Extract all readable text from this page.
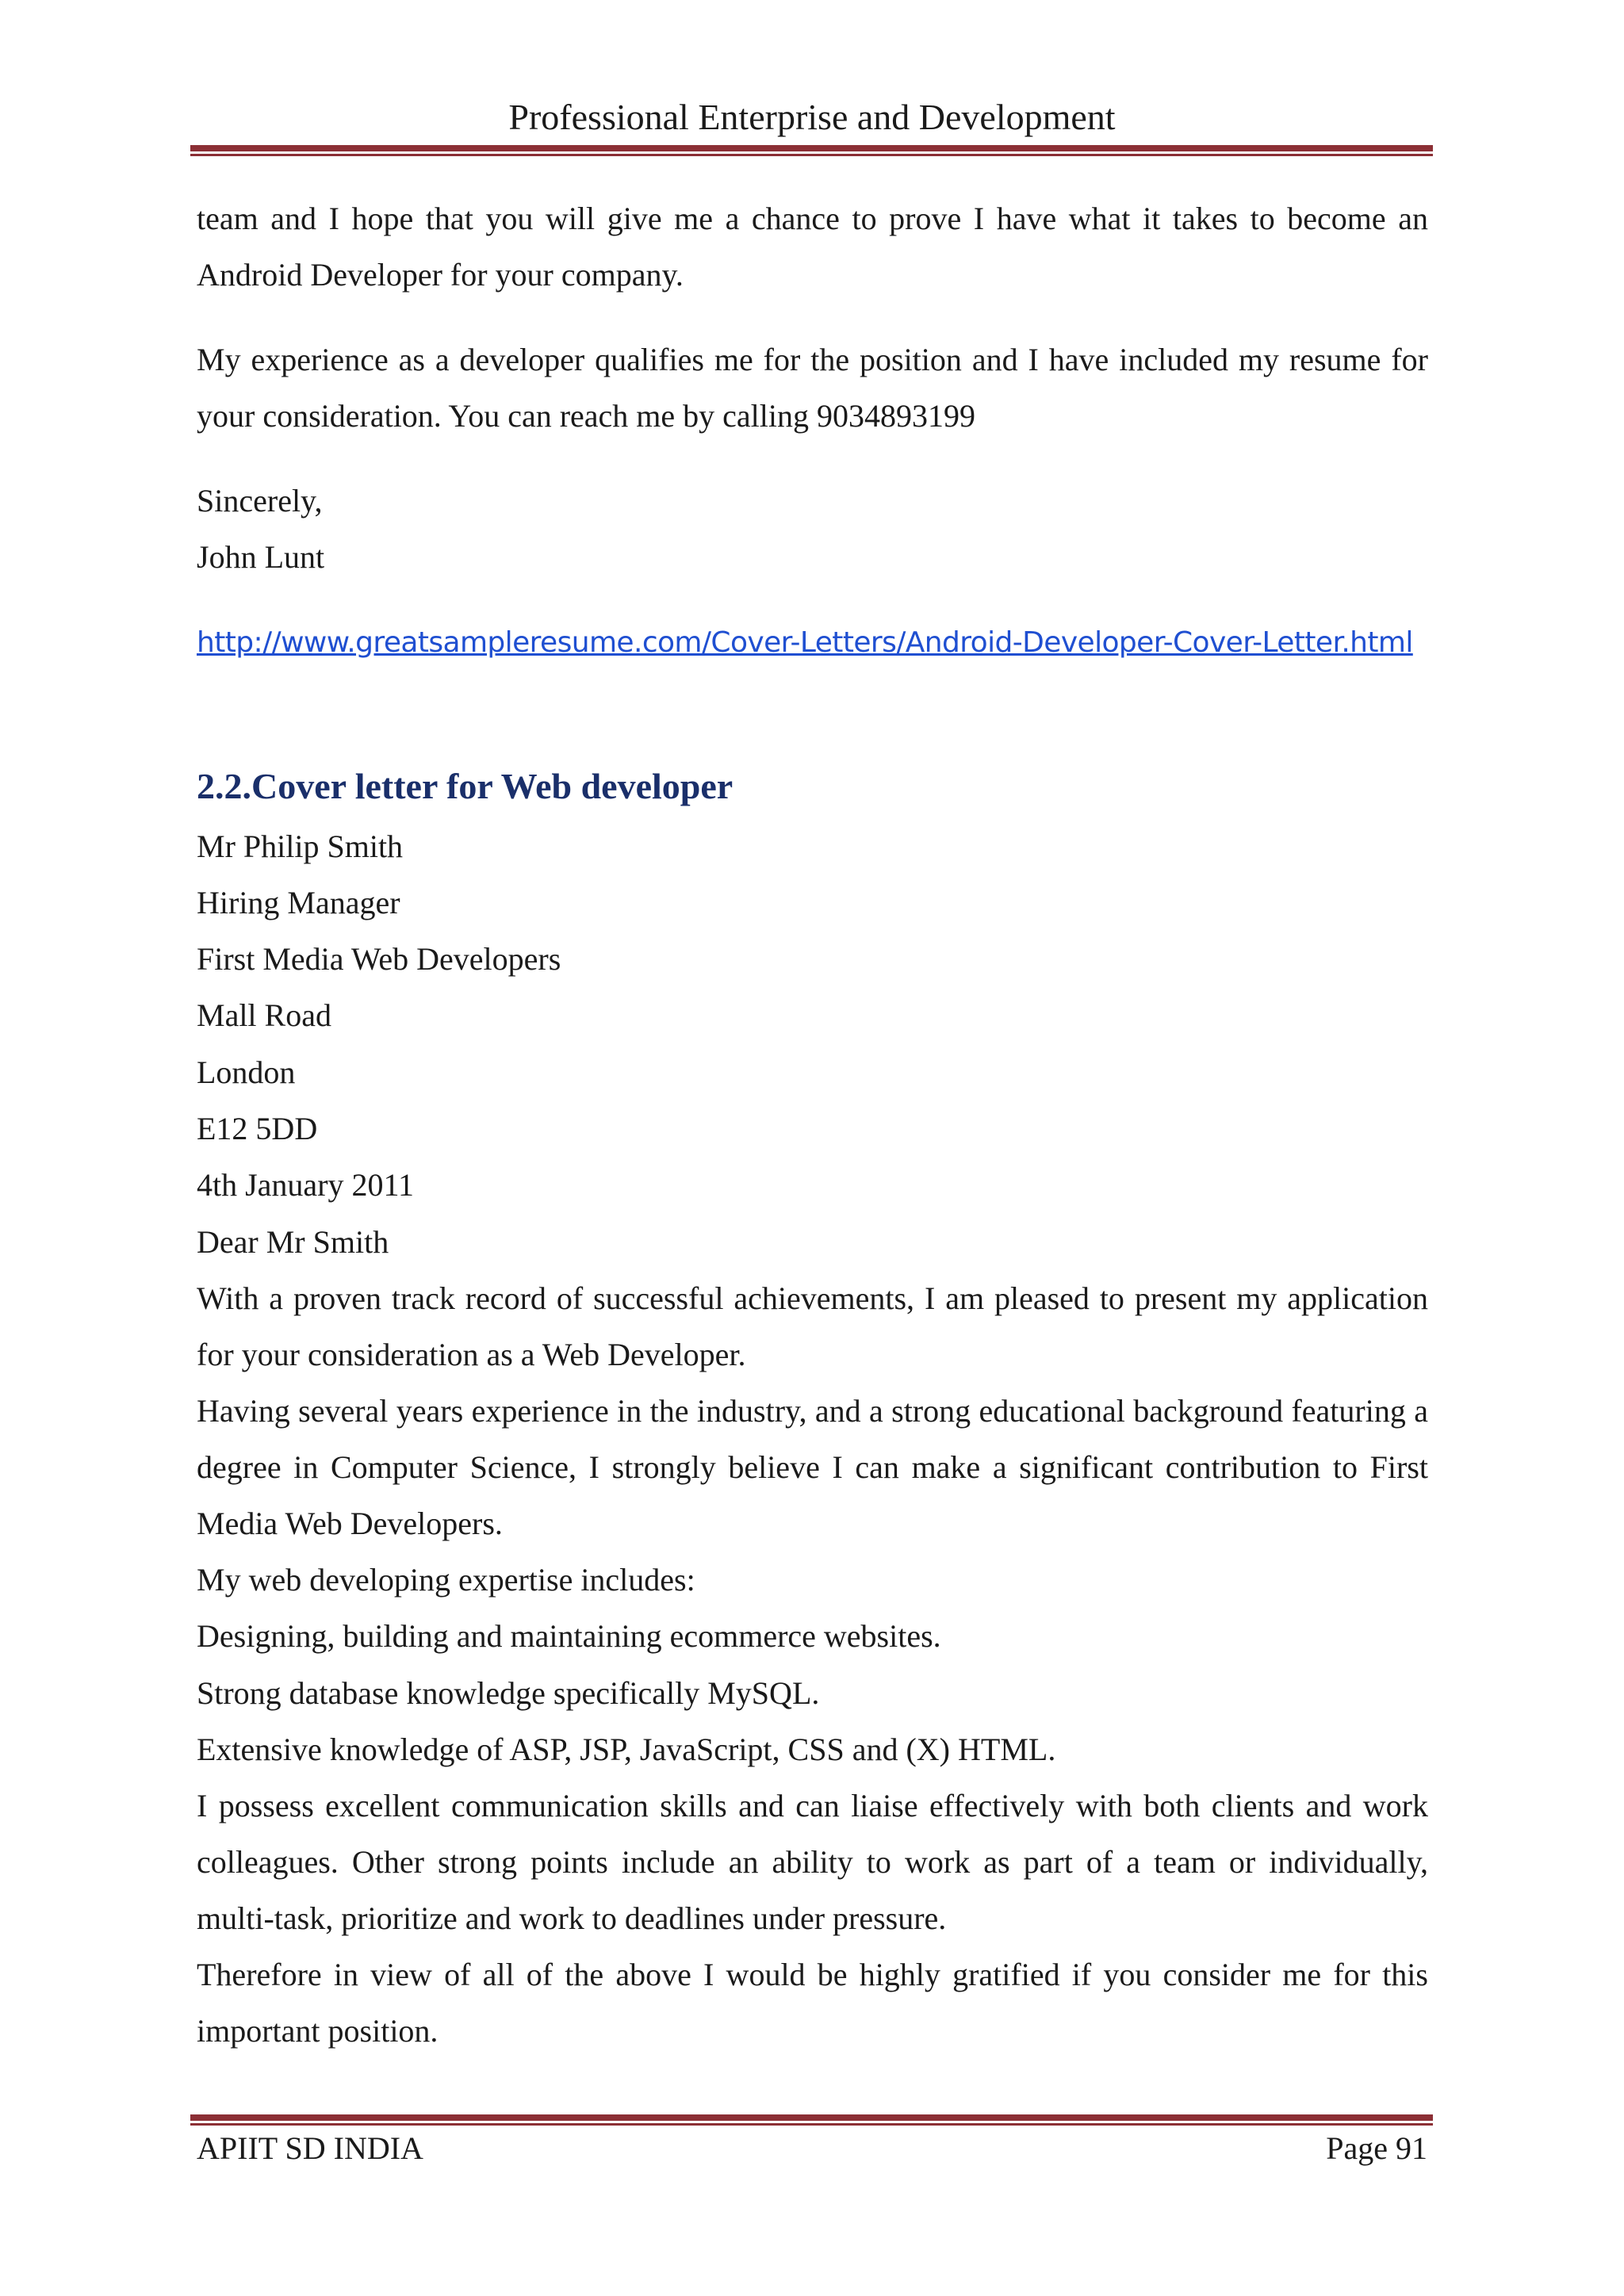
Professional Enterprise and Development

team and I hope that you will give me a chance to prove I have what it takes to become an Android Developer for your company.

My experience as a developer qualifies me for the position and I have included my resume for your consideration. You can reach me by calling 9034893199

Sincerely,

John Lunt

http://www.greatsampleresume.com/Cover-Letters/Android-Developer-Cover-Letter.html
2.2.Cover letter for Web developer

Mr Philip Smith

Hiring Manager

First Media Web Developers

Mall Road

London

E12 5DD

4th January 2011

Dear Mr Smith

With a proven track record of successful achievements, I am pleased to present my application for your consideration as a Web Developer.

Having several years experience in the industry, and a strong educational background featuring a degree in Computer Science, I strongly believe I can make a significant contribution to First Media Web Developers.

My web developing expertise includes:

Designing, building and maintaining ecommerce websites.

Strong database knowledge specifically MySQL.

Extensive knowledge of ASP, JSP, JavaScript, CSS and (X) HTML.

I possess excellent communication skills and can liaise effectively with both clients and work colleagues. Other strong points include an ability to work as part of a team or individually, multi-task, prioritize and work to deadlines under pressure.

Therefore in view of all of the above I would be highly gratified if you consider me for this important position.

APIIT SD INDIA	Page 91
